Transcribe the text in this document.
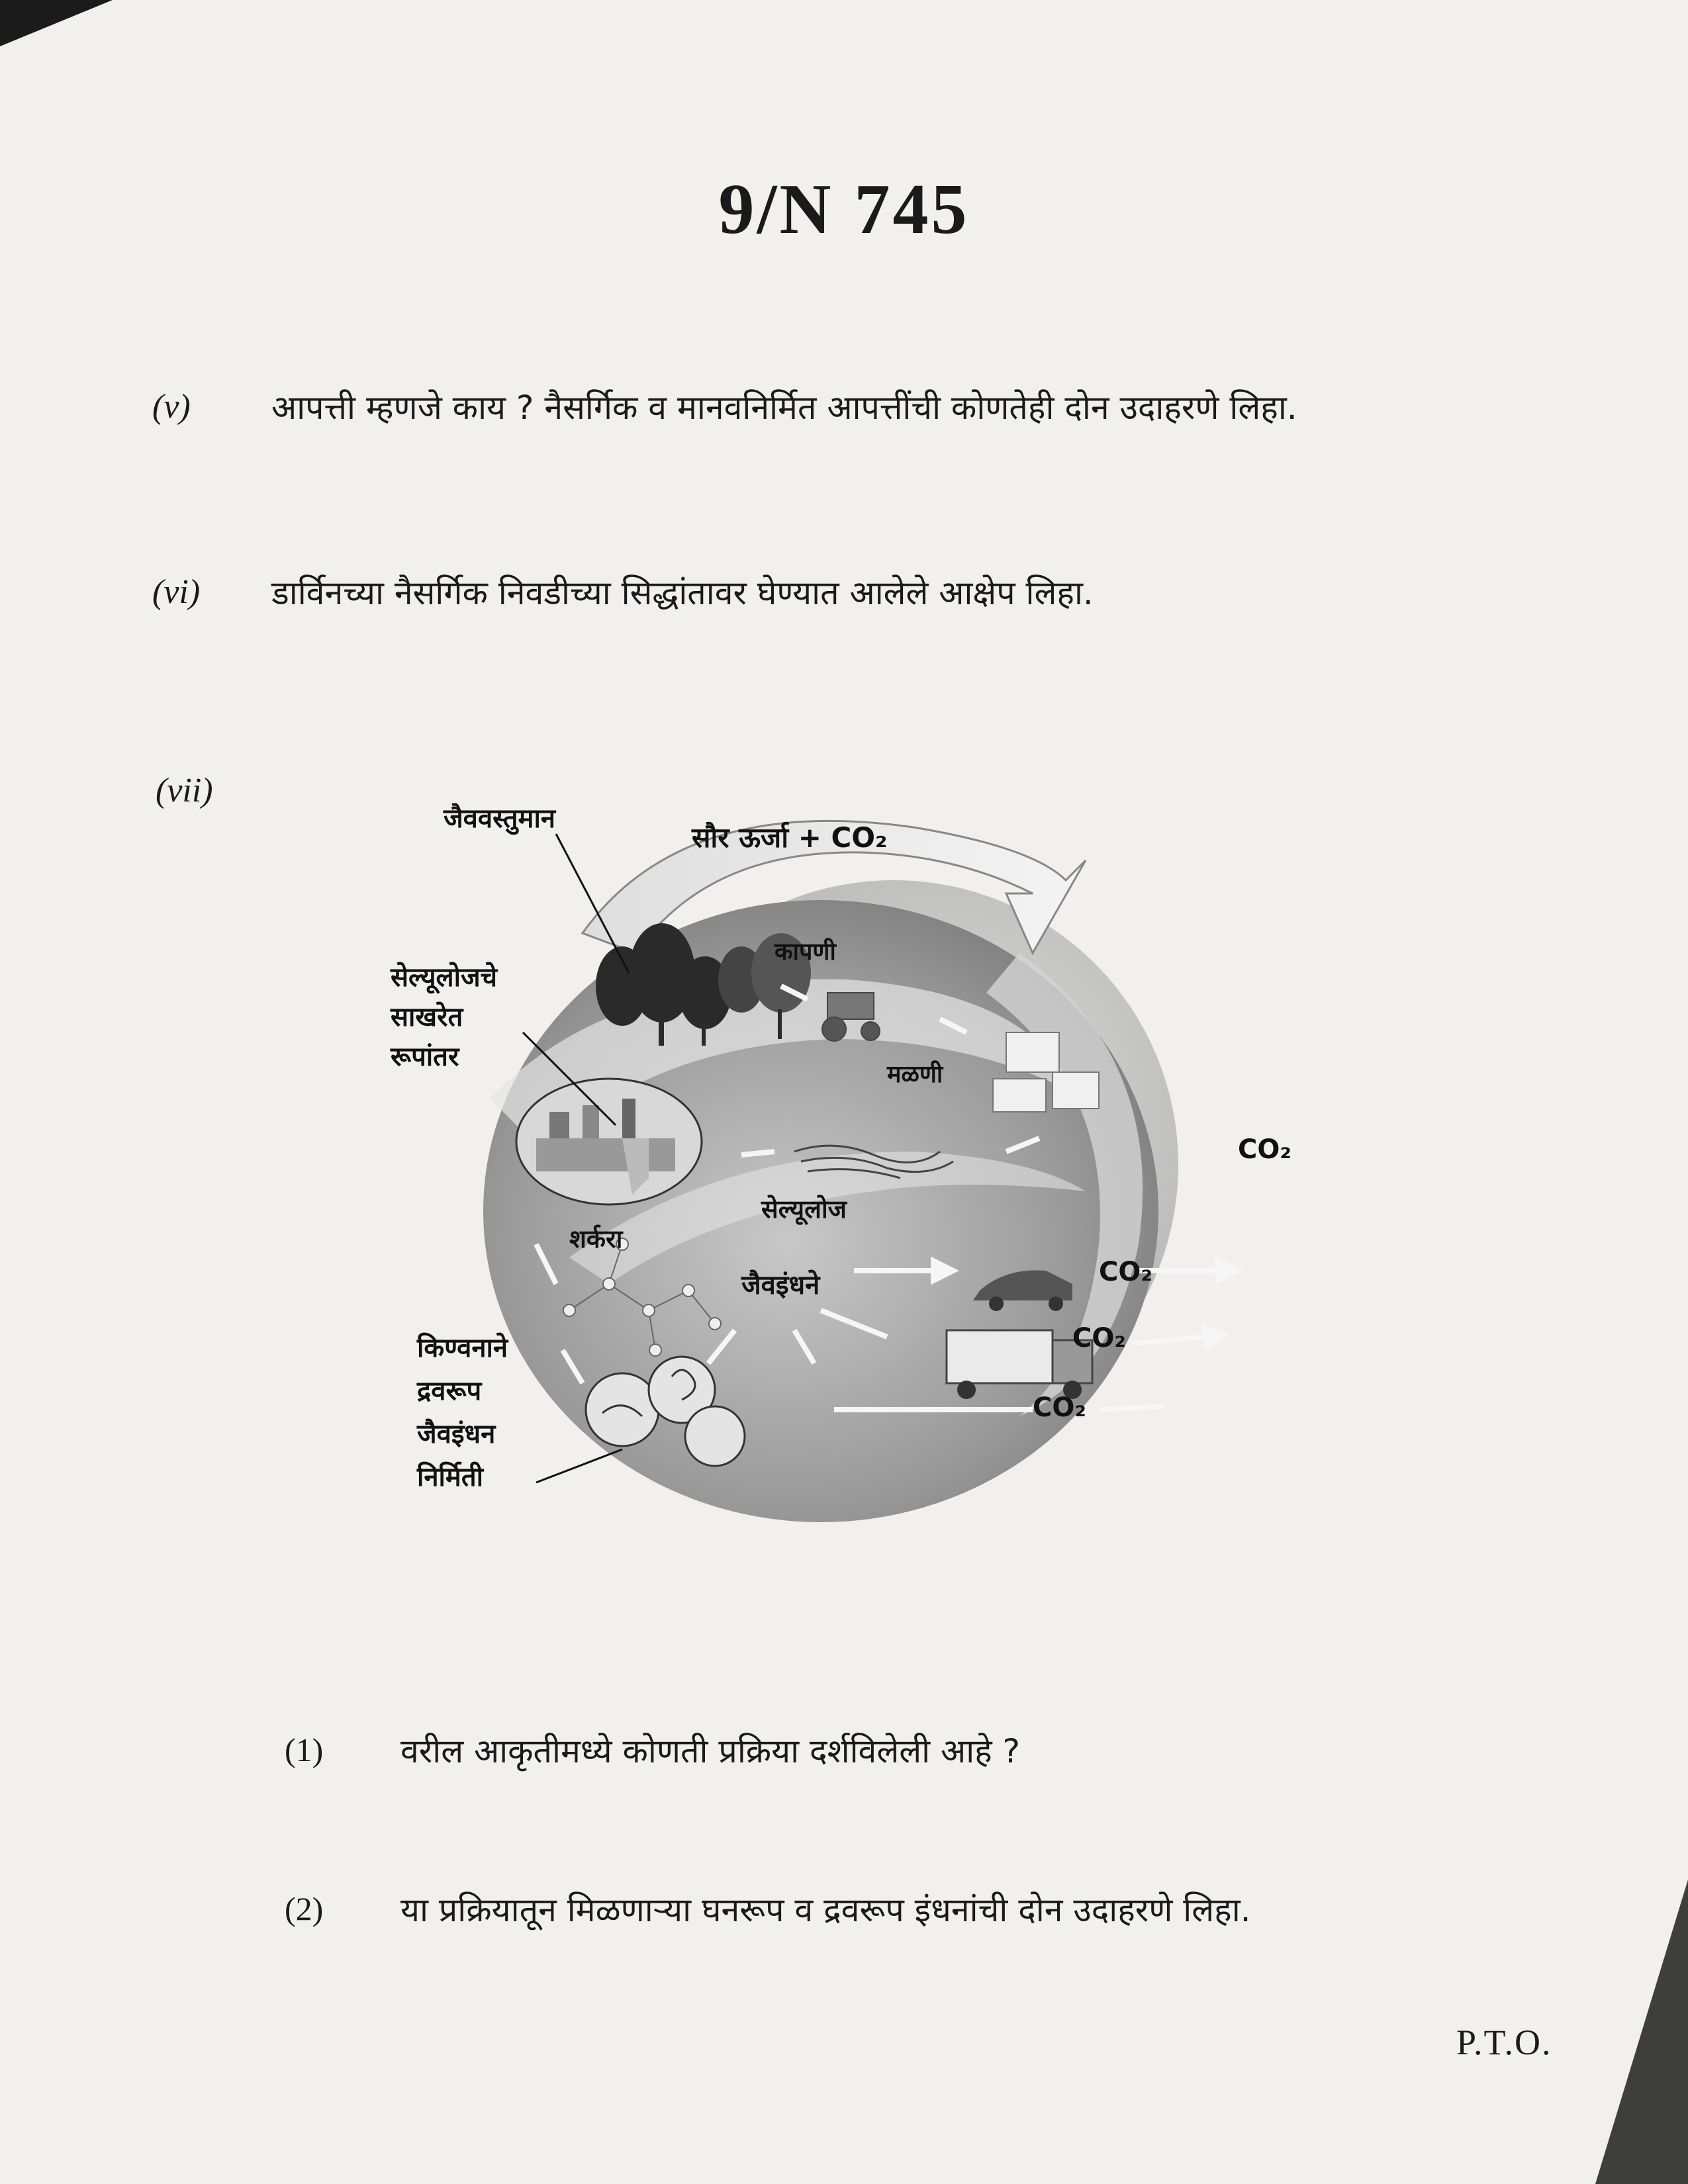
9/N 745
(v) आपत्ती म्हणजे काय ? नैसर्गिक व मानवनिर्मित आपत्तींची कोणतेही दोन उदाहरणे लिहा.
(vi) डार्विनच्या नैसर्गिक निवडीच्या सिद्धांतावर घेण्यात आलेले आक्षेप लिहा.
(vii)
जैववस्तुमान
सौर ऊर्जा + CO₂
कापणी
सेल्यूलोजचे
साखरेत
रूपांतर
मळणी
CO₂
सेल्यूलोज
शर्करा
जैवइंधने	CO₂
CO₂
CO₂
किण्वनाने
द्रवरूप
जैवइंधन
निर्मिती
(1) वरील आकृतीमध्ये कोणती प्रक्रिया दर्शविलेली आहे ?
(2) या प्रक्रियातून मिळणाऱ्या घनरूप व द्रवरूप इंधनांची दोन उदाहरणे लिहा.
P.T.O.
